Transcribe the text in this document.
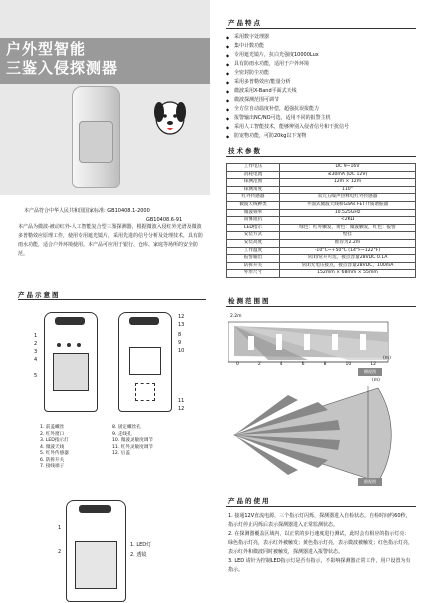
户外型智能
三鉴入侵探测器
本产品符合中华人民共和国国家标准: GB10408.1-2000
GB10408.6-91
本产品为微波-被动红外-人工智能复合型三鉴探测器，根据微波入侵红外光谱及微波多普勒效应原理工作，使用专用遮光镜片，采用先进的信号分析及处理技术，具有防雨水功能，适合户外环境使用。本产品可应用于银行、仓库、家庭等场所的安全防范。
产品示意图
1
2
3
4
5
12
13
8
9
10
11
12
1. 前盖螺丝
2. 红外窗口
3. LED指示灯
4. 微波天线
5. 红外传感器
6. 防拆开关
7. 接线端子
8. 固定螺丝孔
9. 走线孔
10. 微波灵敏度调节
11. 红外灵敏度调节
12. 后盖
1
2
1. LED灯
2. 透镜
产品特点
◆ 采用数字处理器
◆ 集中计数功能
◆ 专用遮光镜片，抗白光强度10000Lux
◆ 具有防雨水功能，适用于户外环境
◆ 全密封防尘功能
◆ 采用多普勒效应/能量分析
◆ 微波采用X-Band平面式天线
◆ 微波探测范围可调节
◆ 全方位自动温度补偿，超强抗误报能力
◆ 报警输出NC/NO可选，适用不同的报警主机
◆ 采用人工智能技术，能够辨别入侵者信号和干扰信号
◆ 防宠物功能，可防20kg以下宠物
技术参数
工作电压	DC 9~16V
消耗电流	≤30mA (DC 12V)
探测范围	12m × 12m
探测角度	110°
红外传感器	双元五噪声热释电红外传感器
微波天线种类	平面式微波天线和GaAs FET介质谐振器
微波频率	10.525GHz
雨雾阻抗	<2KΩ
LED指示	绿色：红外触发，黄色：微波触发，红色：报警
安装方式	壁挂
安装高度	推荐为2.2m
工作温度	-10°C~+50°C (14°F~122°F)
报警输出	常闭/常开可选，接点容量28VDC 0.1A
防拆开关	常闭无电压接点，接点容量28VDC，100mA
外形尺寸	152mm × 68mm × 55mm
检测范围图
2.2m
0	2	4	6	8	10	12
(m)
侧视图
(m)
俯视图
产品的使用
1. 接通12V直流电源，三个指示灯闪烁，探测器进入自检状态，自检时间约60秒，指示灯停止闪烁后表示探测器进入正常监测状态。
2. 在探测器覆盖区域内，以正常的步行速度进行测试，此时会有相应的指示灯亮：绿色指示灯亮，表示红外被触发；黄色指示灯亮，表示微波被触发；红色指示灯亮，表示红外和微波同时被触发，探测器进入报警状态。
3. LED 请针为控制LED指示灯是否有指示，不影响探测器正常工作，用户设置为有指示。
